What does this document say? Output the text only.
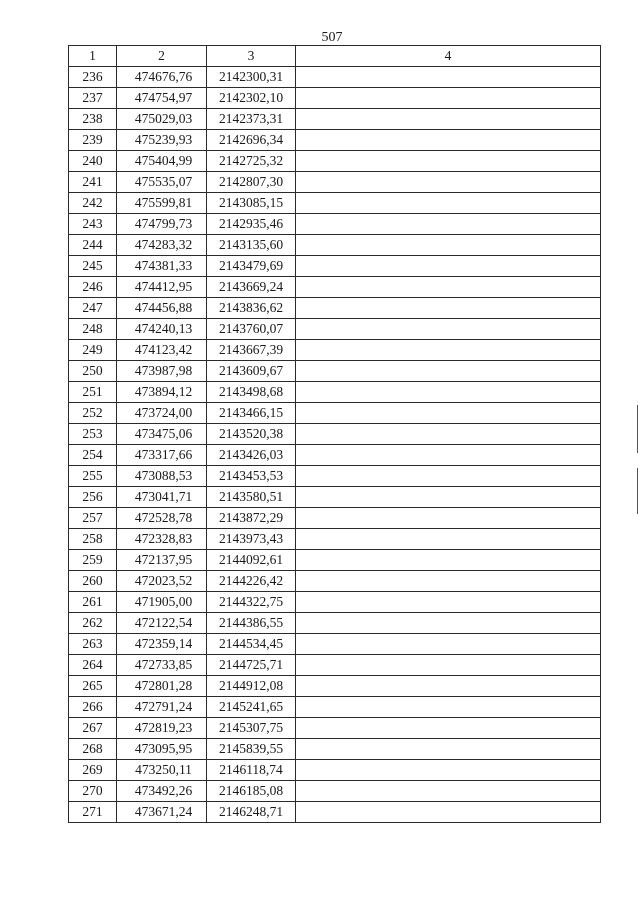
507
1	2	3	4
236	474676,76	2142300,31	
237	474754,97	2142302,10	
238	475029,03	2142373,31	
239	475239,93	2142696,34	
240	475404,99	2142725,32	
241	475535,07	2142807,30	
242	475599,81	2143085,15	
243	474799,73	2142935,46	
244	474283,32	2143135,60	
245	474381,33	2143479,69	
246	474412,95	2143669,24	
247	474456,88	2143836,62	
248	474240,13	2143760,07	
249	474123,42	2143667,39	
250	473987,98	2143609,67	
251	473894,12	2143498,68	
252	473724,00	2143466,15	
253	473475,06	2143520,38	
254	473317,66	2143426,03	
255	473088,53	2143453,53	
256	473041,71	2143580,51	
257	472528,78	2143872,29	
258	472328,83	2143973,43	
259	472137,95	2144092,61	
260	472023,52	2144226,42	
261	471905,00	2144322,75	
262	472122,54	2144386,55	
263	472359,14	2144534,45	
264	472733,85	2144725,71	
265	472801,28	2144912,08	
266	472791,24	2145241,65	
267	472819,23	2145307,75	
268	473095,95	2145839,55	
269	473250,11	2146118,74	
270	473492,26	2146185,08	
271	473671,24	2146248,71	
